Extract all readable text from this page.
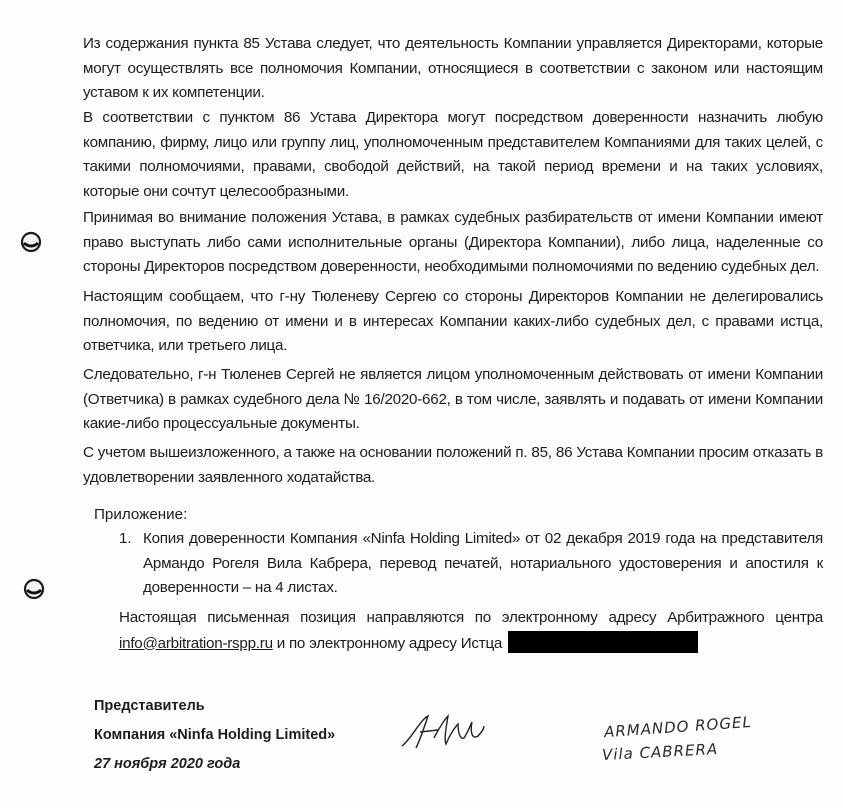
Из содержания пункта 85 Устава следует, что деятельность Компании управляется Директорами, которые могут осуществлять все полномочия Компании, относящиеся в соответствии с законом или настоящим уставом к их компетенции.

В соответствии с пунктом 86 Устава Директора могут посредством доверенности назначить любую компанию, фирму, лицо или группу лиц, уполномоченным представителем Компаниями для таких целей, с такими полномочиями, правами, свободой действий, на такой период времени и на таких условиях, которые они сочтут целесообразными.

Принимая во внимание положения Устава, в рамках судебных разбирательств от имени Компании имеют право выступать либо сами исполнительные органы (Директора Компании), либо лица, наделенные со стороны Директоров посредством доверенности, необходимыми полномочиями по ведению судебных дел.

Настоящим сообщаем, что г-ну Тюленеву Сергею со стороны Директоров Компании не делегировались полномочия, по ведению от имени и в интересах Компании каких-либо судебных дел, с правами истца, ответчика, или третьего лица.

Следовательно, г-н Тюленев Сергей не является лицом уполномоченным действовать от имени Компании (Ответчика) в рамках судебного дела № 16/2020-662, в том числе, заявлять и подавать от имени Компании какие-либо процессуальные документы.

С учетом вышеизложенного, а также на основании положений п. 85, 86 Устава Компании просим отказать в удовлетворении заявленного ходатайства.

Приложение:

1. Копия доверенности Компания «Ninfa Holding Limited» от 02 декабря 2019 года на представителя Армандо Рогеля Вила Кабрера, перевод печатей, нотариального удостоверения и апостиля к доверенности – на 4 листах.

Настоящая письменная позиция направляются по электронному адресу Арбитражного центра info@arbitration-rspp.ru и по электронному адресу Истца

Представитель

Компания «Ninfa Holding Limited»

27 ноября 2020 года

ARMANDO ROGEL
Vila CABRERA
